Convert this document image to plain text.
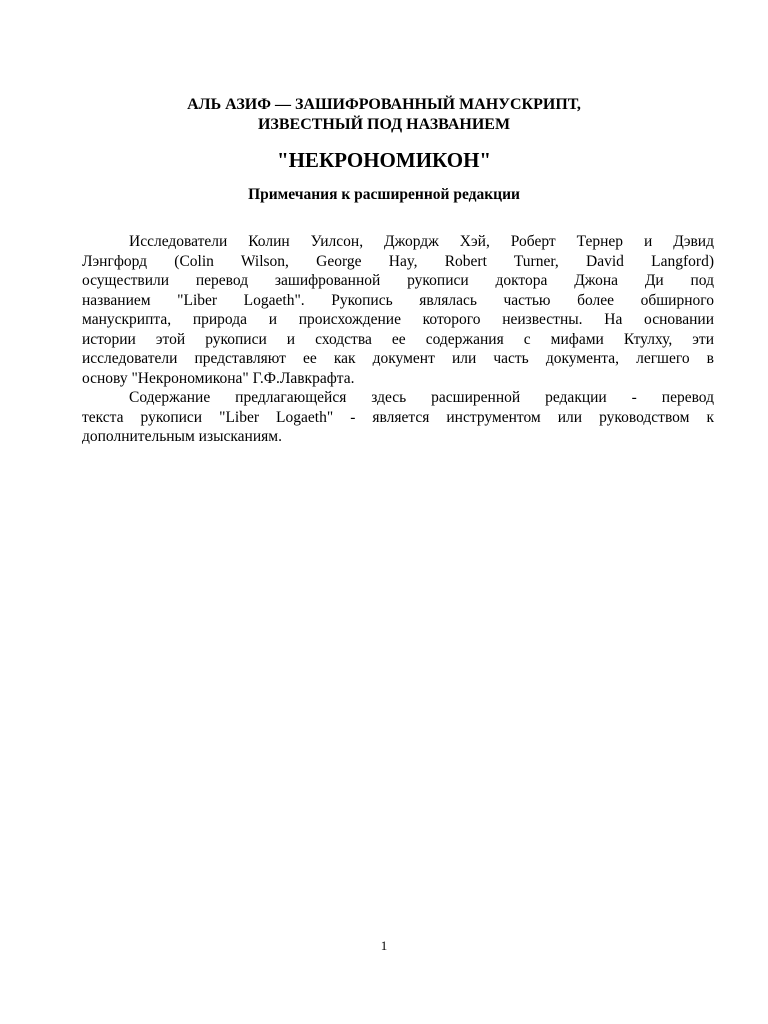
АЛЬ АЗИФ — ЗАШИФРОВАННЫЙ МАНУСКРИПТ,
ИЗВЕСТНЫЙ ПОД НАЗВАНИЕМ
"НЕКРОНОМИКОН"
Примечания к расширенной редакции
Исследователи Колин Уилсон, Джордж Хэй, Роберт Тернер и Дэвид
Лэнгфорд (Colin Wilson, George Hay, Robert Turner, David Langford)
осуществили перевод зашифрованной рукописи доктора Джона Ди под
названием "Liber Logaeth". Рукопись являлась частью более обширного
манускрипта, природа и происхождение которого неизвестны. На основании
истории этой рукописи и сходства ее содержания с мифами Ктулху, эти
исследователи представляют ее как документ или часть документа, легшего в
основу "Некрономикона" Г.Ф.Лавкрафта.
Содержание предлагающейся здесь расширенной редакции - перевод
текста рукописи "Liber Logaeth" - является инструментом или руководством к
дополнительным изысканиям.
1
